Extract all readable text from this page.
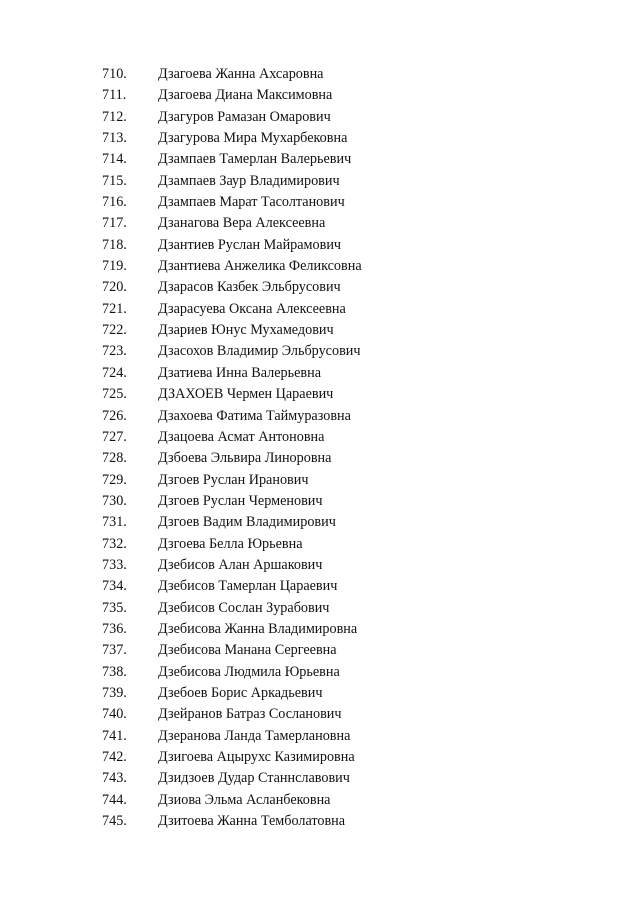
710.	Дзагоева Жанна Ахсаровна
711.	Дзагоева Диана Максимовна
712.	Дзагуров Рамазан Омарович
713.	Дзагурова Мира Мухарбековна
714.	Дзампаев Тамерлан Валерьевич
715.	Дзампаев Заур Владимирович
716.	Дзампаев Марат Тасолтанович
717.	Дзанагова Вера Алексеевна
718.	Дзантиев Руслан Майрамович
719.	Дзантиева Анжелика Феликсовна
720.	Дзарасов Казбек Эльбрусович
721.	Дзарасуева Оксана Алексеевна
722.	Дзариев Юнус Мухамедович
723.	Дзасохов Владимир Эльбрусович
724.	Дзатиева Инна Валерьевна
725.	ДЗАХОЕВ Чермен Цараевич
726.	Дзахоева Фатима Таймуразовна
727.	Дзацоева Асмат Антоновна
728.	Дзбоева Эльвира Линоровна
729.	Дзгоев Руслан Иранович
730.	Дзгоев Руслан Черменович
731.	Дзгоев Вадим Владимирович
732.	Дзгоева Белла Юрьевна
733.	Дзебисов Алан Аршакович
734.	Дзебисов Тамерлан Цараевич
735.	Дзебисов Сослан Зурабович
736.	Дзебисова Жанна Владимировна
737.	Дзебисова Манана Сергеевна
738.	Дзебисова Людмила Юрьевна
739.	Дзебоев Борис Аркадьевич
740.	Дзейранов Батраз Сосланович
741.	Дзеранова Ланда Тамерлановна
742.	Дзигоева Ацырухс Казимировна
743.	Дзидзоев Дудар Станнславович
744.	Дзиова Эльма Асланбековна
745.	Дзитоева Жанна Темболатовна
